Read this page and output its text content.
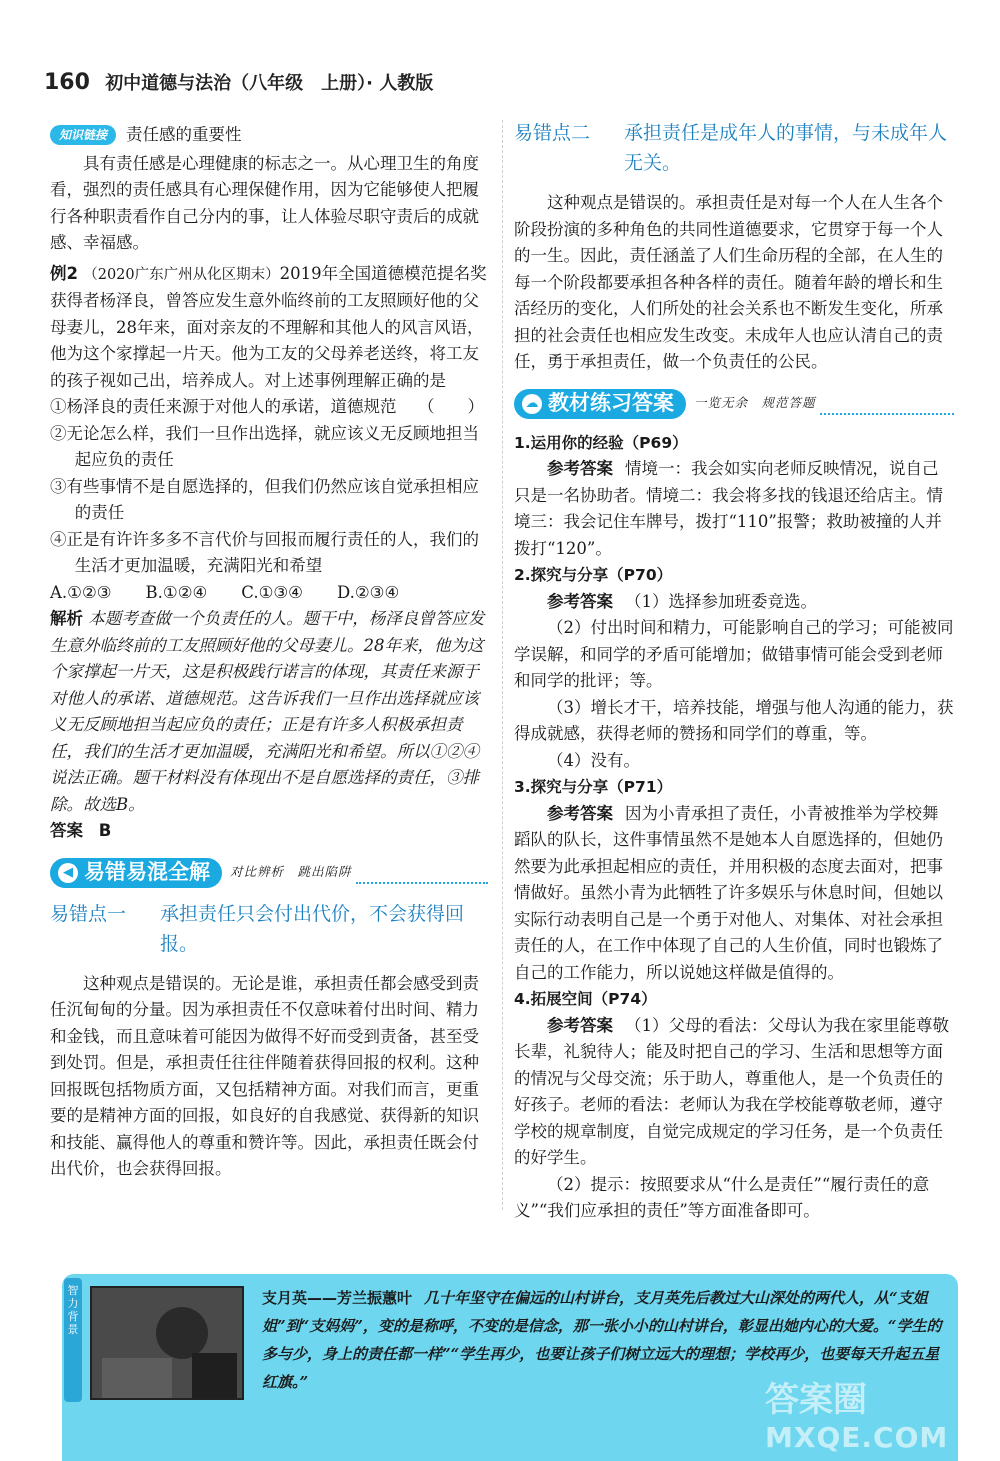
160 初中道德与法治（八年级　上册）· 人教版
知识链接	责任感的重要性

具有责任感是心理健康的标志之一。从心理卫生的角度看，强烈的责任感具有心理保健作用，因为它能够使人把履行各种职责看作自己分内的事，让人体验尽职守责后的成就感、幸福感。

例2 （2020广东广州从化区期末）2019年全国道德模范提名奖获得者杨泽良，曾答应发生意外临终前的工友照顾好他的父母妻儿，28年来，面对亲友的不理解和其他人的风言风语，他为这个家撑起一片天。他为工友的父母养老送终，将工友的孩子视如己出，培养成人。对上述事例理解正确的是
（　　）

①杨泽良的责任来源于对他人的承诺，道德规范

②无论怎么样，我们一旦作出选择，就应该义无反顾地担当起应负的责任

③有些事情不是自愿选择的，但我们仍然应该自觉承担相应的责任

④正是有许许多多不言代价与回报而履行责任的人，我们的生活才更加温暖，充满阳光和希望

A.①②③ B.①②④ C.①③④ D.②③④

解析 本题考查做一个负责任的人。题干中，杨泽良曾答应发生意外临终前的工友照顾好他的父母妻儿。28年来，他为这个家撑起一片天，这是积极践行诺言的体现，其责任来源于对他人的承诺、道德规范。这告诉我们一旦作出选择就应该义无反顾地担当起应负的责任；正是有许多人积极承担责任，我们的生活才更加温暖，充满阳光和希望。所以①②④说法正确。题干材料没有体现出不是自愿选择的责任，③排除。故选B。

答案 B

◀ 易错易混全解 对比辨析　跳出陷阱
易错点一	承担责任只会付出代价，不会获得回报。

这种观点是错误的。无论是谁，承担责任都会感受到责任沉甸甸的分量。因为承担责任不仅意味着付出时间、精力和金钱，而且意味着可能因为做得不好而受到责备，甚至受到处罚。但是，承担责任往往伴随着获得回报的权利。这种回报既包括物质方面，又包括精神方面。对我们而言，更重要的是精神方面的回报，如良好的自我感觉、获得新的知识和技能、赢得他人的尊重和赞许等。因此，承担责任既会付出代价，也会获得回报。

易错点二	承担责任是成年人的事情，与未成年人无关。

这种观点是错误的。承担责任是对每一个人在人生各个阶段扮演的多种角色的共同性道德要求，它贯穿于每一个人的一生。因此，责任涵盖了人们生命历程的全部，在人生的每一个阶段都要承担各种各样的责任。随着年龄的增长和生活经历的变化，人们所处的社会关系也不断发生变化，所承担的社会责任也相应发生改变。未成年人也应认清自己的责任，勇于承担责任，做一个负责任的公民。

☁ 教材练习答案 一览无余　规范答题

1.运用你的经验（P69）

参考答案 情境一：我会如实向老师反映情况，说自己只是一名协助者。情境二：我会将多找的钱退还给店主。情境三：我会记住车牌号，拨打“110”报警；救助被撞的人并拨打“120”。

2.探究与分享（P70）

参考答案 （1）选择参加班委竞选。

（2）付出时间和精力，可能影响自己的学习；可能被同学误解，和同学的矛盾可能增加；做错事情可能会受到老师和同学的批评；等。

（3）增长才干，培养技能，增强与他人沟通的能力，获得成就感，获得老师的赞扬和同学们的尊重，等。

（4）没有。

3.探究与分享（P71）

参考答案 因为小青承担了责任，小青被推举为学校舞蹈队的队长，这件事情虽然不是她本人自愿选择的，但她仍然要为此承担起相应的责任，并用积极的态度去面对，把事情做好。虽然小青为此牺牲了许多娱乐与休息时间，但她以实际行动表明自己是一个勇于对他人、对集体、对社会承担责任的人，在工作中体现了自己的人生价值，同时也锻炼了自己的工作能力，所以说她这样做是值得的。

4.拓展空间（P74）

参考答案 （1）父母的看法：父母认为我在家里能尊敬长辈，礼貌待人；能及时把自己的学习、生活和思想等方面的情况与父母交流；乐于助人，尊重他人，是一个负责任的好孩子。老师的看法：老师认为我在学校能尊敬老师，遵守学校的规章制度，自觉完成规定的学习任务，是一个负责任的好学生。

（2）提示：按照要求从“什么是责任”“履行责任的意义”“我们应承担的责任”等方面准备即可。

智力背景

支月英——芳兰振蕙叶 几十年坚守在偏远的山村讲台，支月英先后教过大山深处的两代人，从“支姐姐”到“支妈妈”，变的是称呼，不变的是信念，那一张小小的山村讲台，彰显出她内心的大爱。“学生的多与少，身上的责任都一样”“学生再少，也要让孩子们树立远大的理想；学校再少，也要每天升起五星红旗。”	答案圈
MXQE.COM
